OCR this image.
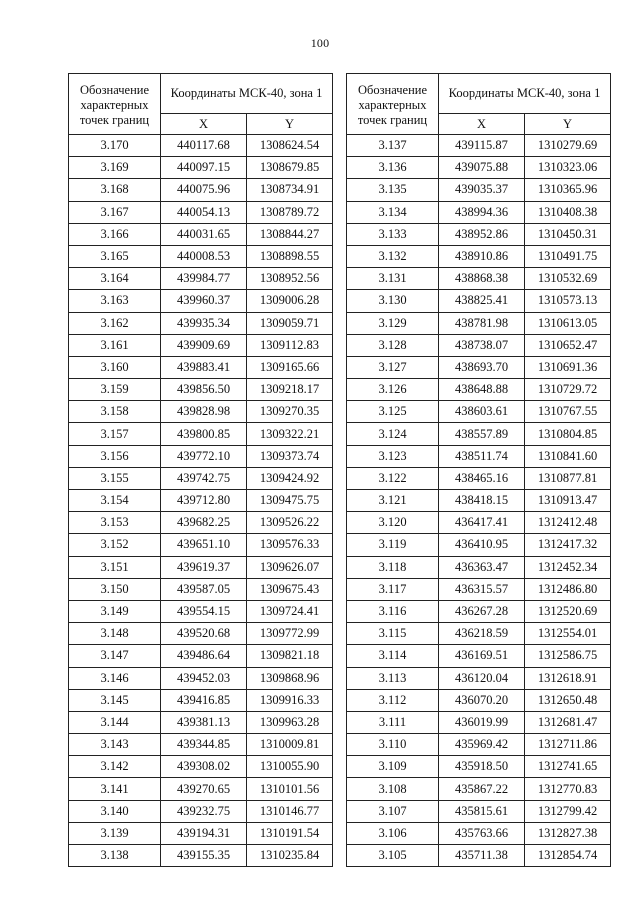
100
Обозначение характерных точек границ	Координаты МСК-40, зона 1	
	X	Y
3.170	440117.68	1308624.54
3.169	440097.15	1308679.85
3.168	440075.96	1308734.91
3.167	440054.13	1308789.72
3.166	440031.65	1308844.27
3.165	440008.53	1308898.55
3.164	439984.77	1308952.56
3.163	439960.37	1309006.28
3.162	439935.34	1309059.71
3.161	439909.69	1309112.83
3.160	439883.41	1309165.66
3.159	439856.50	1309218.17
3.158	439828.98	1309270.35
3.157	439800.85	1309322.21
3.156	439772.10	1309373.74
3.155	439742.75	1309424.92
3.154	439712.80	1309475.75
3.153	439682.25	1309526.22
3.152	439651.10	1309576.33
3.151	439619.37	1309626.07
3.150	439587.05	1309675.43
3.149	439554.15	1309724.41
3.148	439520.68	1309772.99
3.147	439486.64	1309821.18
3.146	439452.03	1309868.96
3.145	439416.85	1309916.33
3.144	439381.13	1309963.28
3.143	439344.85	1310009.81
3.142	439308.02	1310055.90
3.141	439270.65	1310101.56
3.140	439232.75	1310146.77
3.139	439194.31	1310191.54
3.138	439155.35	1310235.84
Обозначение характерных точек границ	Координаты МСК-40, зона 1	
	X	Y
3.137	439115.87	1310279.69
3.136	439075.88	1310323.06
3.135	439035.37	1310365.96
3.134	438994.36	1310408.38
3.133	438952.86	1310450.31
3.132	438910.86	1310491.75
3.131	438868.38	1310532.69
3.130	438825.41	1310573.13
3.129	438781.98	1310613.05
3.128	438738.07	1310652.47
3.127	438693.70	1310691.36
3.126	438648.88	1310729.72
3.125	438603.61	1310767.55
3.124	438557.89	1310804.85
3.123	438511.74	1310841.60
3.122	438465.16	1310877.81
3.121	438418.15	1310913.47
3.120	436417.41	1312412.48
3.119	436410.95	1312417.32
3.118	436363.47	1312452.34
3.117	436315.57	1312486.80
3.116	436267.28	1312520.69
3.115	436218.59	1312554.01
3.114	436169.51	1312586.75
3.113	436120.04	1312618.91
3.112	436070.20	1312650.48
3.111	436019.99	1312681.47
3.110	435969.42	1312711.86
3.109	435918.50	1312741.65
3.108	435867.22	1312770.83
3.107	435815.61	1312799.42
3.106	435763.66	1312827.38
3.105	435711.38	1312854.74
